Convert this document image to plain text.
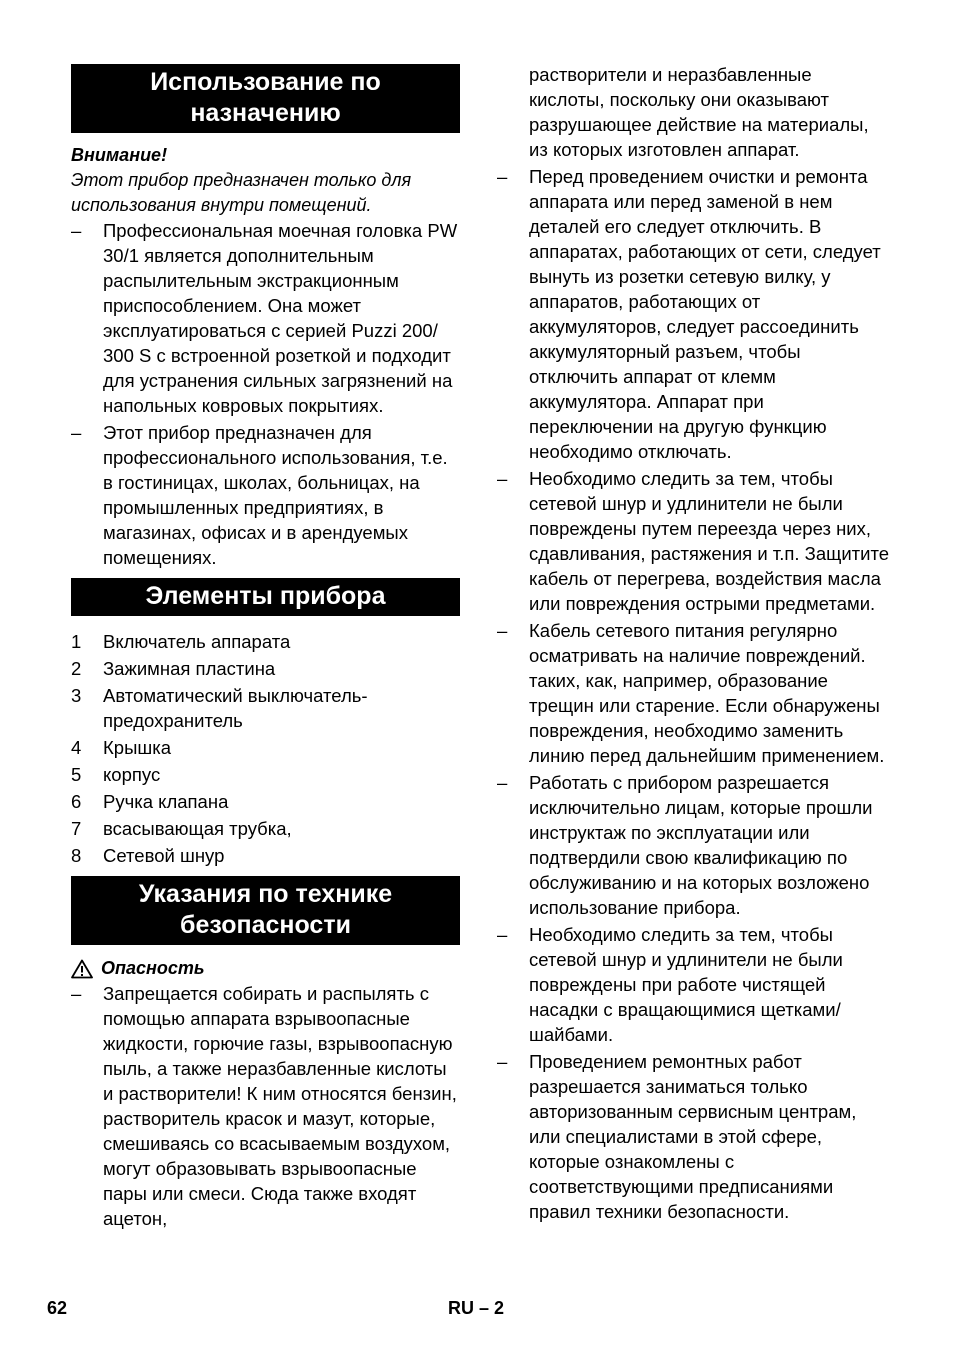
Использование по назначению
Внимание!
Этот прибор предназначен только для использования внутри помещений.
– Профессиональная моечная головка PW 30/1 является дополнительным распылительным экстракционным приспособлением. Она может эксплуатироваться с серией Puzzi 200/ 300 S с встроенной розеткой и подходит для устранения сильных загрязнений на напольных ковровых покрытиях.
– Этот прибор предназначен для профессионального использования, т.е. в гостиницах, школах, больницах, на промышленных предприятиях, в магазинах, офисах и в арендуемых помещениях.
Элементы прибора
1 Включатель аппарата
2 Зажимная пластина
3 Автоматический выключатель-предохранитель
4 Крышка
5 корпус
6 Ручка клапана
7 всасывающая трубка,
8 Сетевой шнур
Указания по технике безопасности
Опасность
– Запрещается собирать и распылять с помощью аппарата взрывоопасные жидкости, горючие газы, взрывоопасную пыль, а также неразбавленные кислоты и растворители! К ним относятся бензин, растворитель красок и мазут, которые, смешиваясь со всасываемым воздухом, могут образовывать взрывоопасные пары или смеси. Сюда также входят ацетон,
растворители и неразбавленные кислоты, поскольку они оказывают разрушающее действие на материалы, из которых изготовлен аппарат.
– Перед проведением очистки и ремонта аппарата или перед заменой в нем деталей его следует отключить. В аппаратах, работающих от сети, следует вынуть из розетки сетевую вилку, у аппаратов, работающих от аккумуляторов, следует рассоединить аккумуляторный разъем, чтобы отключить аппарат от клемм аккумулятора. Аппарат при переключении на другую функцию необходимо отключать.
– Необходимо следить за тем, чтобы сетевой шнур и удлинители не были повреждены путем переезда через них, сдавливания, растяжения и т.п. Защитите кабель от перегрева, воздействия масла или повреждения острыми предметами.
– Кабель сетевого питания регулярно осматривать на наличие повреждений. таких, как, например, образование трещин или старение. Если обнаружены повреждения, необходимо заменить линию перед дальнейшим применением.
– Работать с прибором разрешается исключительно лицам, которые прошли инструктаж по эксплуатации или подтвердили свою квалификацию по обслуживанию и на которых возложено использование прибора.
– Необходимо следить за тем, чтобы сетевой шнур и удлинители не были повреждены при работе чистящей насадки с вращающимися щетками/ шайбами.
– Проведением ремонтных работ разрешается заниматься только авторизованным сервисным центрам, или специалистами в этой сфере, которые ознакомлены с соответствующими предписаниями правил техники безопасности.
62	RU – 2
